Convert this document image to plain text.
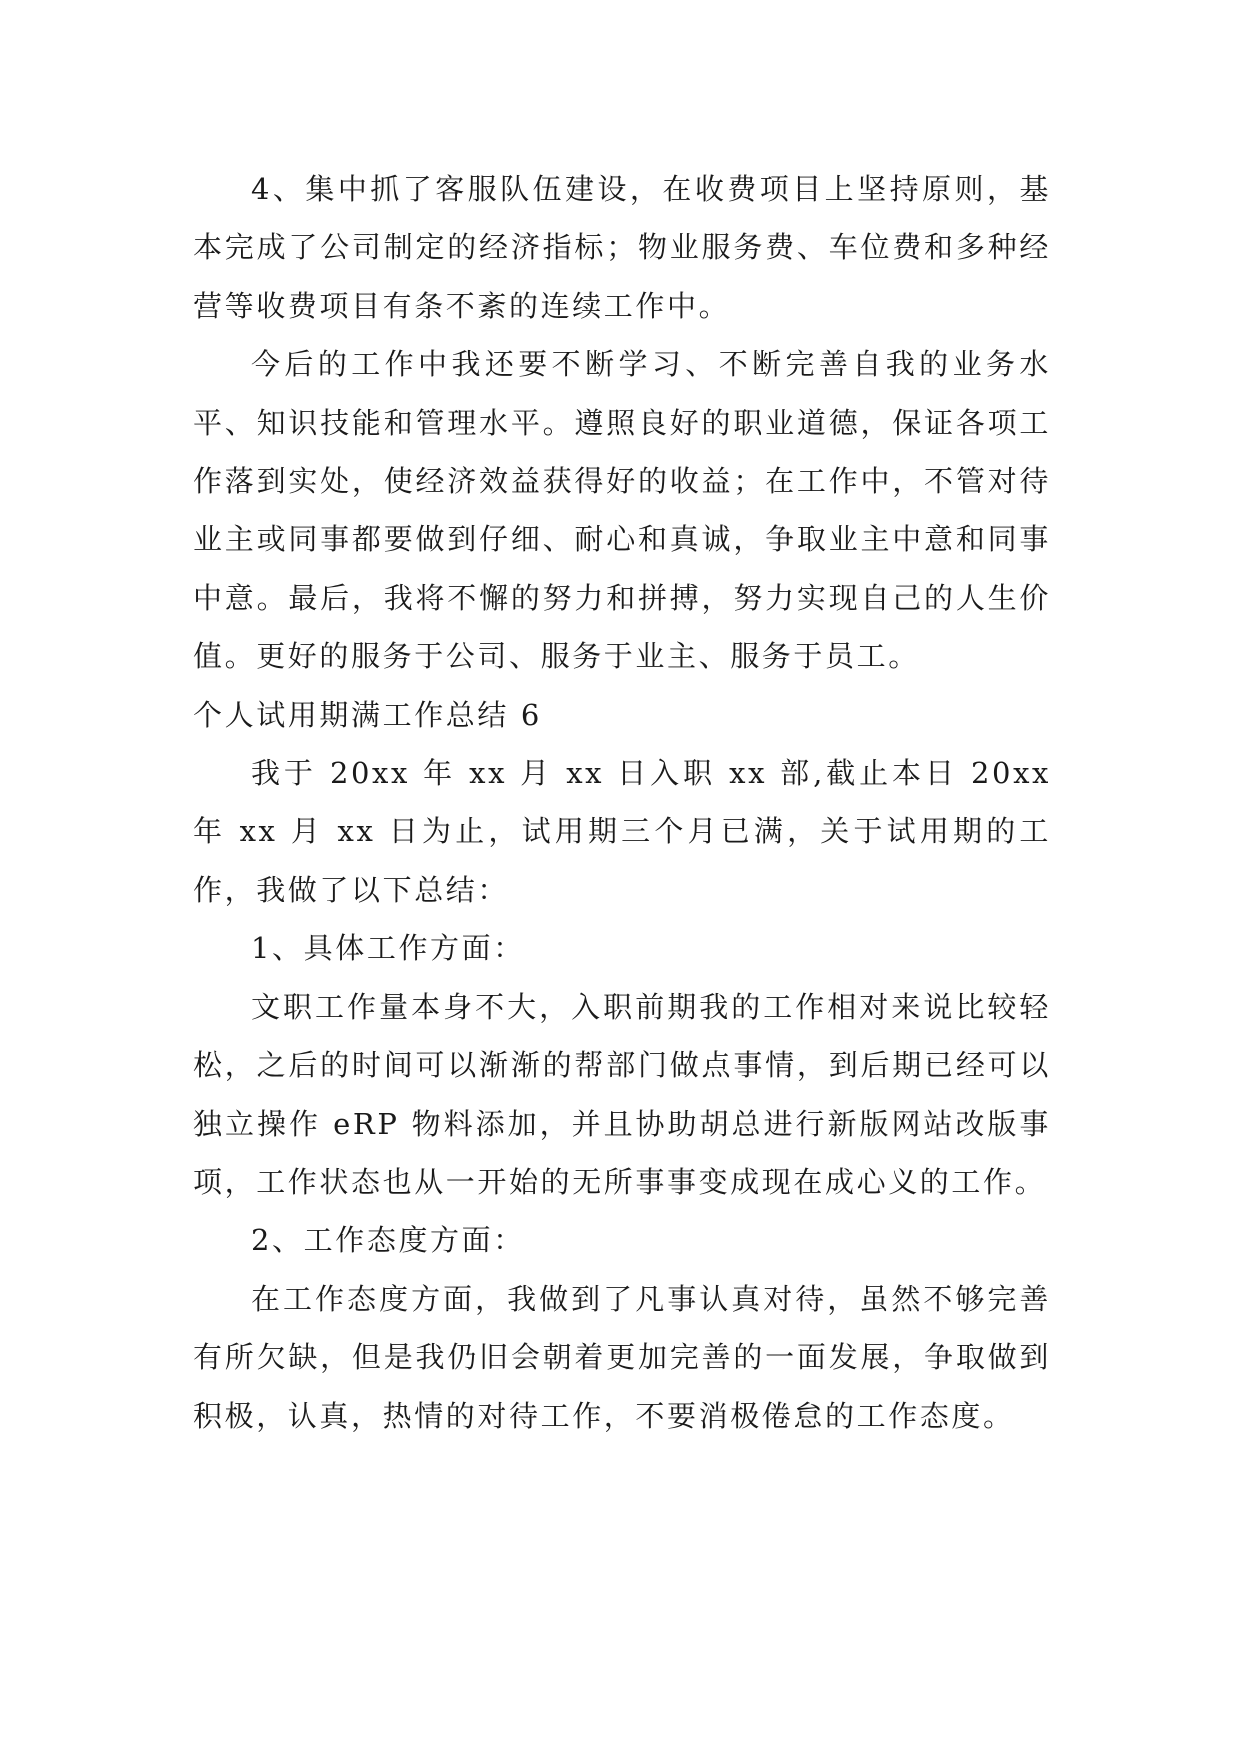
4、集中抓了客服队伍建设，在收费项目上坚持原则，基本完成了公司制定的经济指标；物业服务费、车位费和多种经营等收费项目有条不紊的连续工作中。

今后的工作中我还要不断学习、不断完善自我的业务水平、知识技能和管理水平。遵照良好的职业道德，保证各项工作落到实处，使经济效益获得好的收益；在工作中，不管对待业主或同事都要做到仔细、耐心和真诚，争取业主中意和同事中意。最后，我将不懈的努力和拼搏，努力实现自己的人生价值。更好的服务于公司、服务于业主、服务于员工。

个人试用期满工作总结 6

我于 20xx 年 xx 月 xx 日入职 xx 部,截止本日 20xx 年 xx 月 xx 日为止，试用期三个月已满，关于试用期的工作，我做了以下总结：

1、具体工作方面：

文职工作量本身不大，入职前期我的工作相对来说比较轻松，之后的时间可以渐渐的帮部门做点事情，到后期已经可以独立操作 eRP 物料添加，并且协助胡总进行新版网站改版事项，工作状态也从一开始的无所事事变成现在成心义的工作。

2、工作态度方面：

在工作态度方面，我做到了凡事认真对待，虽然不够完善有所欠缺，但是我仍旧会朝着更加完善的一面发展，争取做到积极，认真，热情的对待工作，不要消极倦怠的工作态度。
